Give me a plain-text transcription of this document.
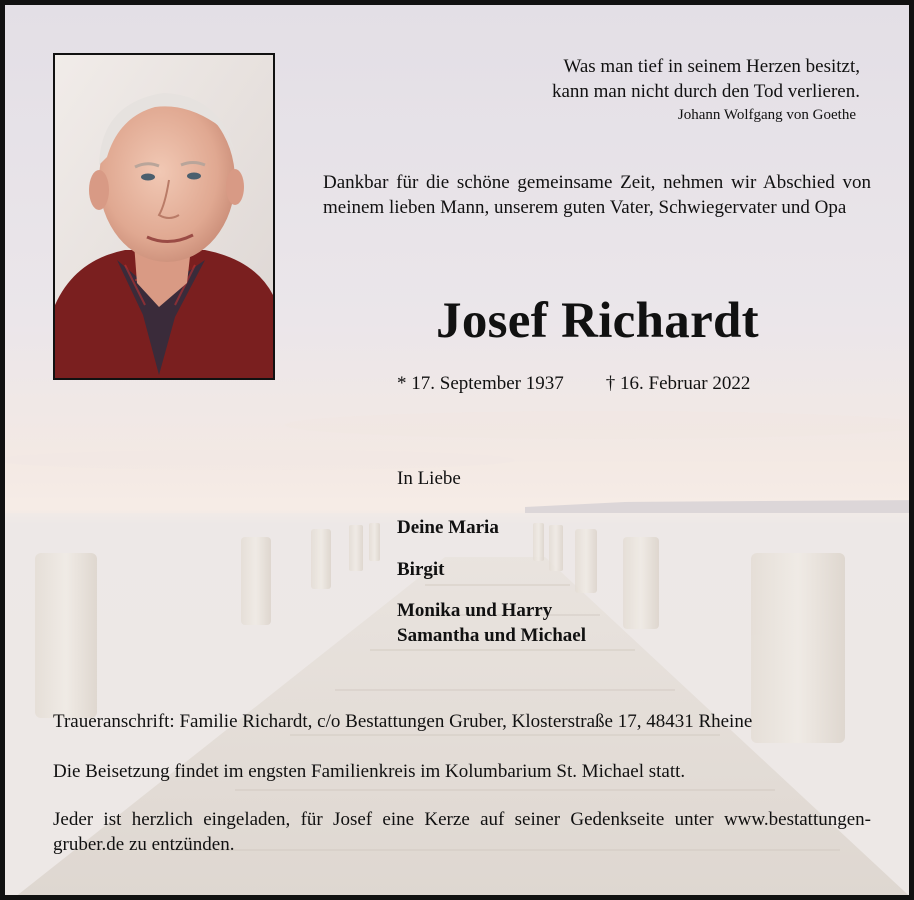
Was man tief in seinem Herzen besitzt,
kann man nicht durch den Tod verlieren.
Johann Wolfgang von Goethe
Dankbar für die schöne gemeinsame Zeit, nehmen wir Abschied von meinem lieben Mann, unserem guten Vater, Schwiegervater und Opa
Josef Richardt
* 17. September 1937 † 16. Februar 2022
In Liebe
Deine Maria
Birgit
Monika und Harry
Samantha und Michael
Traueranschrift: Familie Richardt, c/o Bestattungen Gruber, Klosterstraße 17, 48431 Rheine
Die Beisetzung findet im engsten Familienkreis im Kolumbarium St. Michael statt.
Jeder ist herzlich eingeladen, für Josef eine Kerze auf seiner Gedenkseite unter www.bestattungen-gruber.de zu entzünden.
